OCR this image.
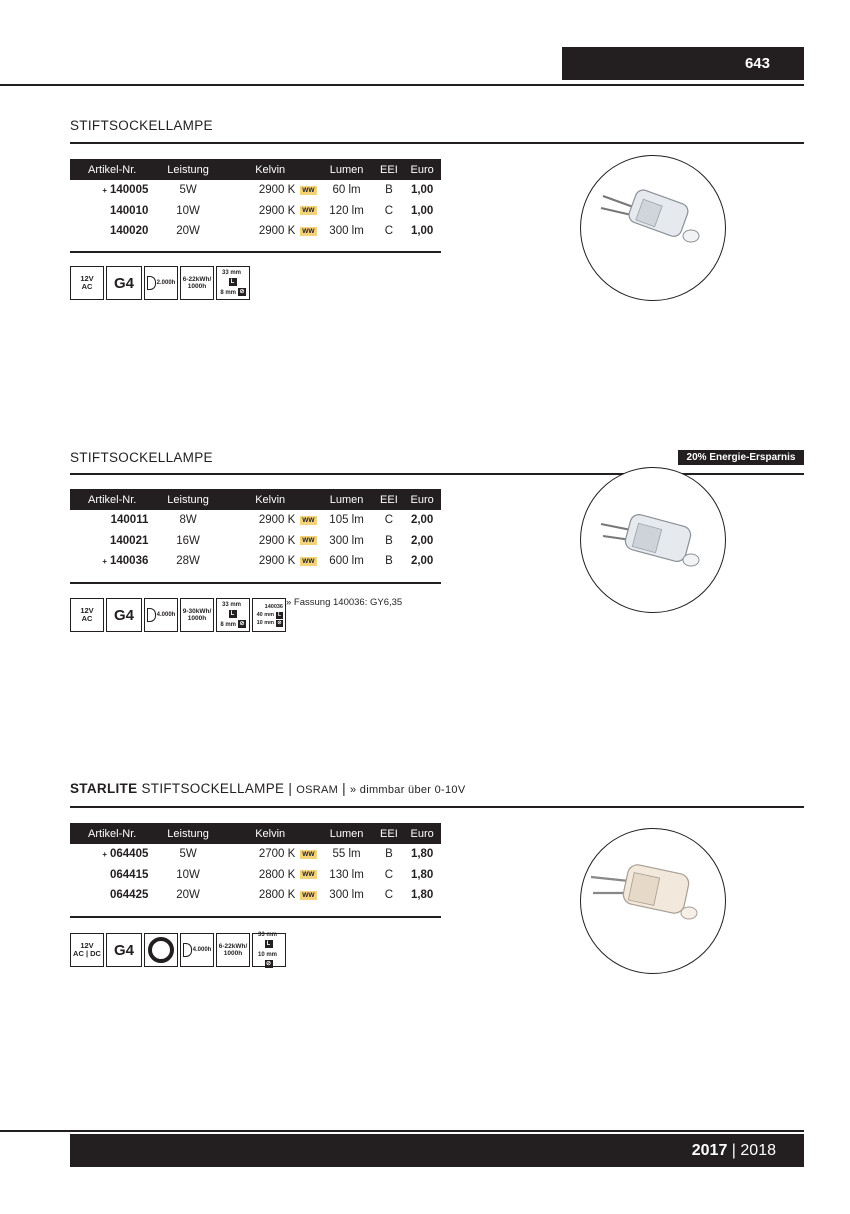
643
STIFTSOCKELLAMPE
Artikel-Nr.	Leistung	Kelvin	Lumen	EEI	Euro
+ 140005	5W	2900 K WW	60 lm	B	1,00
140010	10W	2900 K WW	120 lm	C	1,00
140020	20W	2900 K WW	300 lm	C	1,00
12V
AC	G4	2.000h 6-22kWh/
1000h
33 mmL
8 mm ⊘
20% Energie-Ersparnis
STIFTSOCKELLAMPE
Artikel-Nr.	Leistung	Kelvin	Lumen	EEI	Euro
140011	8W	2900 K WW	105 lm	C	2,00
140021	16W	2900 K WW	300 lm	B	2,00
+ 140036	28W	2900 K WW	600 lm	B	2,00
12V
AC	G4	4.000h 9-30kWh/
1000h
33 mmL
8 mm ⊘
140036
40 mm L
10 mm ⊘
» Fassung 140036: GY6,35
STARLITE STIFTSOCKELLAMPE | OSRAM | » dimmbar über 0-10V
Artikel-Nr.	Leistung	Kelvin	Lumen	EEI	Euro
+ 064405	5W	2700 K WW	55 lm	B	1,80
064415	10W	2800 K WW	130 lm	C	1,80
064425	20W	2800 K WW	300 lm	C	1,80
12V
AC | DC G4	4.000h 6-22kWh/
1000h
33 mmL
10 mm⊘
2017 | 2018
